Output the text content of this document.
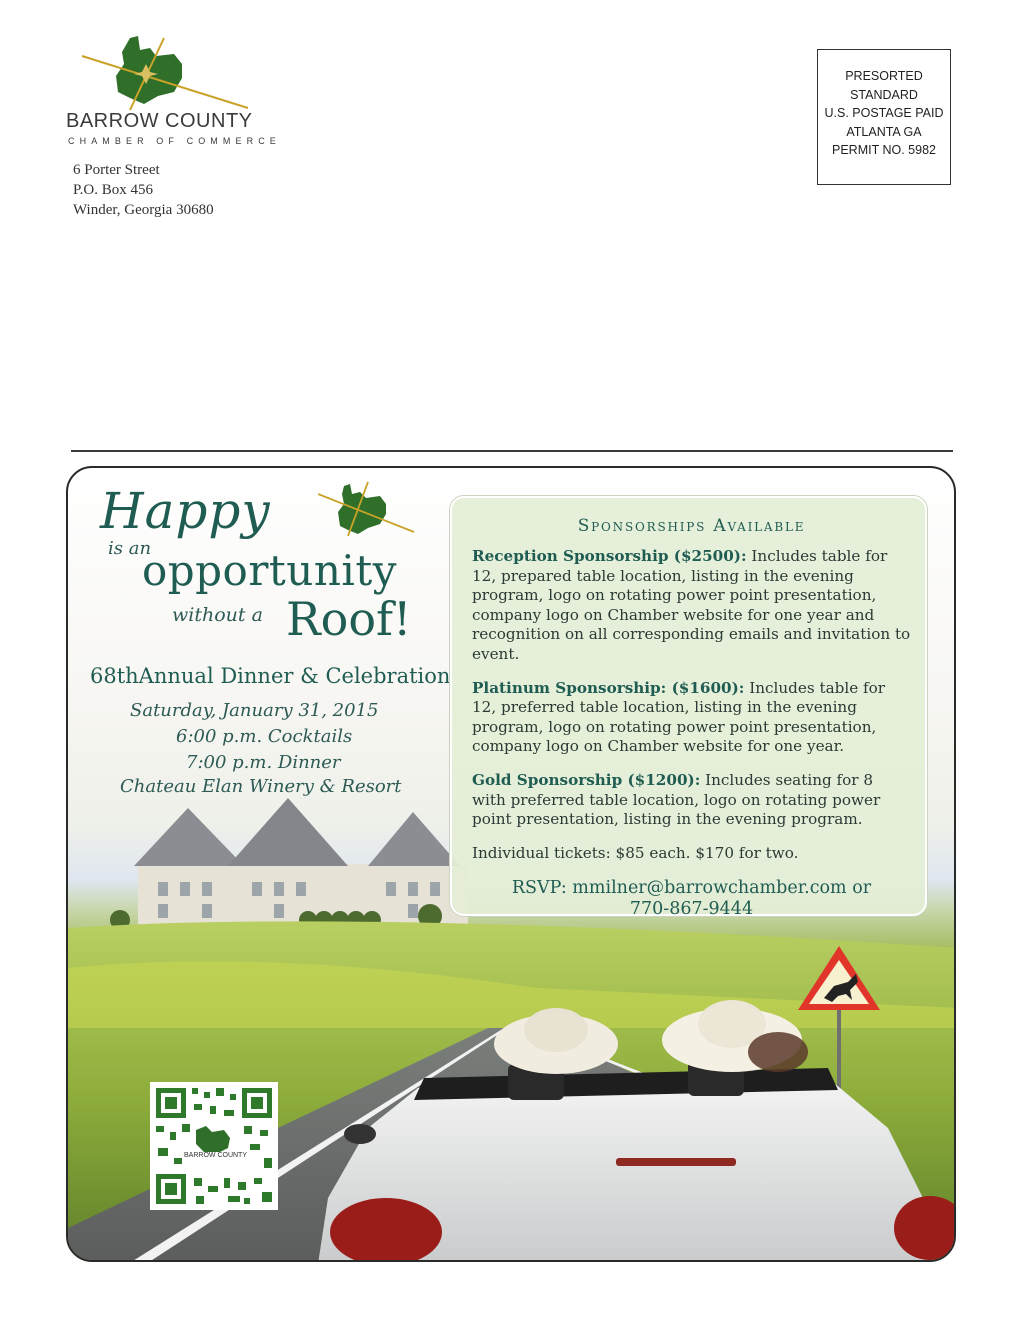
BARROW COUNTY
CHAMBER OF COMMERCE
6 Porter Street
P.O. Box 456
Winder, Georgia 30680
PRESORTED
STANDARD
U.S. POSTAGE PAID
ATLANTA GA
PERMIT NO. 5982
Happy
is an
opportunity
without a Roof!
68thAnnual Dinner & Celebration
Saturday, January 31, 2015
6:00 p.m. Cocktails
7:00 p.m. Dinner
Chateau Elan Winery & Resort
Sponsorships Available
Reception Sponsorship ($2500): Includes table for 12, prepared table location, listing in the evening program, logo on rotating power point presentation, company logo on Chamber website for one year and recognition on all corresponding emails and invitation to event.
Platinum Sponsorship: ($1600): Includes table for 12, preferred table location, listing in the evening program, logo on rotating power point presentation, company logo on Chamber website for one year.
Gold Sponsorship ($1200): Includes seating for 8 with preferred table location, logo on rotating power point presentation, listing in the evening program.
Individual tickets: $85 each. $170 for two.
RSVP: mmilner@barrowchamber.com or
770-867-9444
BARROW COUNTY
